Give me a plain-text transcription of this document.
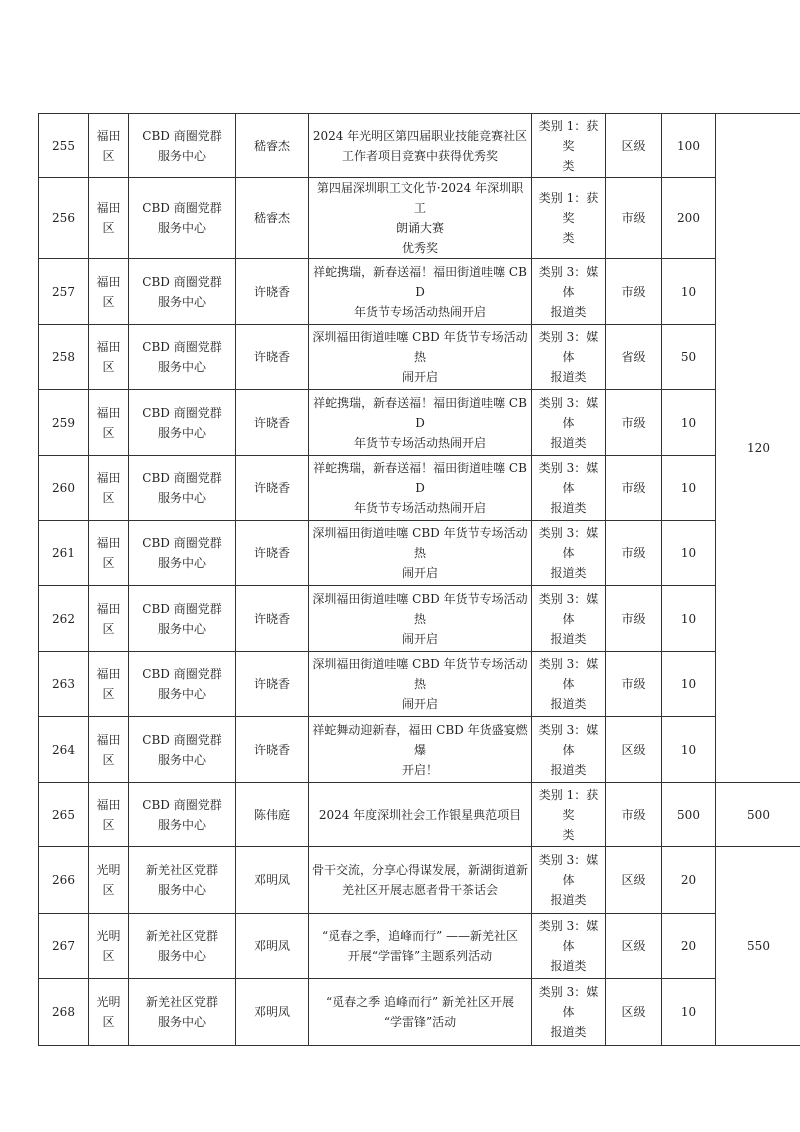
255	福田区	CBD 商圈党群
服务中心	嵇睿杰	2024 年光明区第四届职业技能竞赛社区
工作者项目竞赛中获得优秀奖	类别 1：获奖
类	区级	100	120
256	福田区	CBD 商圈党群
服务中心	嵇睿杰	第四届深圳职工文化节·2024 年深圳职工
朗诵大赛
优秀奖	类别 1：获奖
类	市级	200	
257	福田区	CBD 商圈党群
服务中心	许晓香	祥蛇携瑞，新春送福！福田街道哇噻 CBD
年货节专场活动热闹开启	类别 3：媒体
报道类	市级	10	
258	福田区	CBD 商圈党群
服务中心	许晓香	深圳福田街道哇噻 CBD 年货节专场活动热
闹开启	类别 3：媒体
报道类	省级	50	
259	福田区	CBD 商圈党群
服务中心	许晓香	祥蛇携瑞，新春送福！福田街道哇噻 CBD
年货节专场活动热闹开启	类别 3：媒体
报道类	市级	10	
260	福田区	CBD 商圈党群
服务中心	许晓香	祥蛇携瑞，新春送福！福田街道哇噻 CBD
年货节专场活动热闹开启	类别 3：媒体
报道类	市级	10	
261	福田区	CBD 商圈党群
服务中心	许晓香	深圳福田街道哇噻 CBD 年货节专场活动热
闹开启	类别 3：媒体
报道类	市级	10	
262	福田区	CBD 商圈党群
服务中心	许晓香	深圳福田街道哇噻 CBD 年货节专场活动热
闹开启	类别 3：媒体
报道类	市级	10	
263	福田区	CBD 商圈党群
服务中心	许晓香	深圳福田街道哇噻 CBD 年货节专场活动热
闹开启	类别 3：媒体
报道类	市级	10	
264	福田区	CBD 商圈党群
服务中心	许晓香	祥蛇舞动迎新春，福田 CBD 年货盛宴燃爆
开启！	类别 3：媒体
报道类	区级	10	
265	福田区	CBD 商圈党群
服务中心	陈伟庭	2024 年度深圳社会工作银星典范项目	类别 1：获奖
类	市级	500	500
266	光明区	新羌社区党群
服务中心	邓明凤	骨干交流，分享心得谋发展，新湖街道新
羌社区开展志愿者骨干茶话会	类别 3：媒体
报道类	区级	20	550
267	光明区	新羌社区党群
服务中心	邓明凤	“觅春之季，追峰而行” ——新羌社区
开展“学雷锋”主题系列活动	类别 3：媒体
报道类	区级	20	
268	光明区	新羌社区党群
服务中心	邓明凤	“觅春之季 追峰而行” 新羌社区开展
“学雷锋”活动	类别 3：媒体
报道类	区级	10	
